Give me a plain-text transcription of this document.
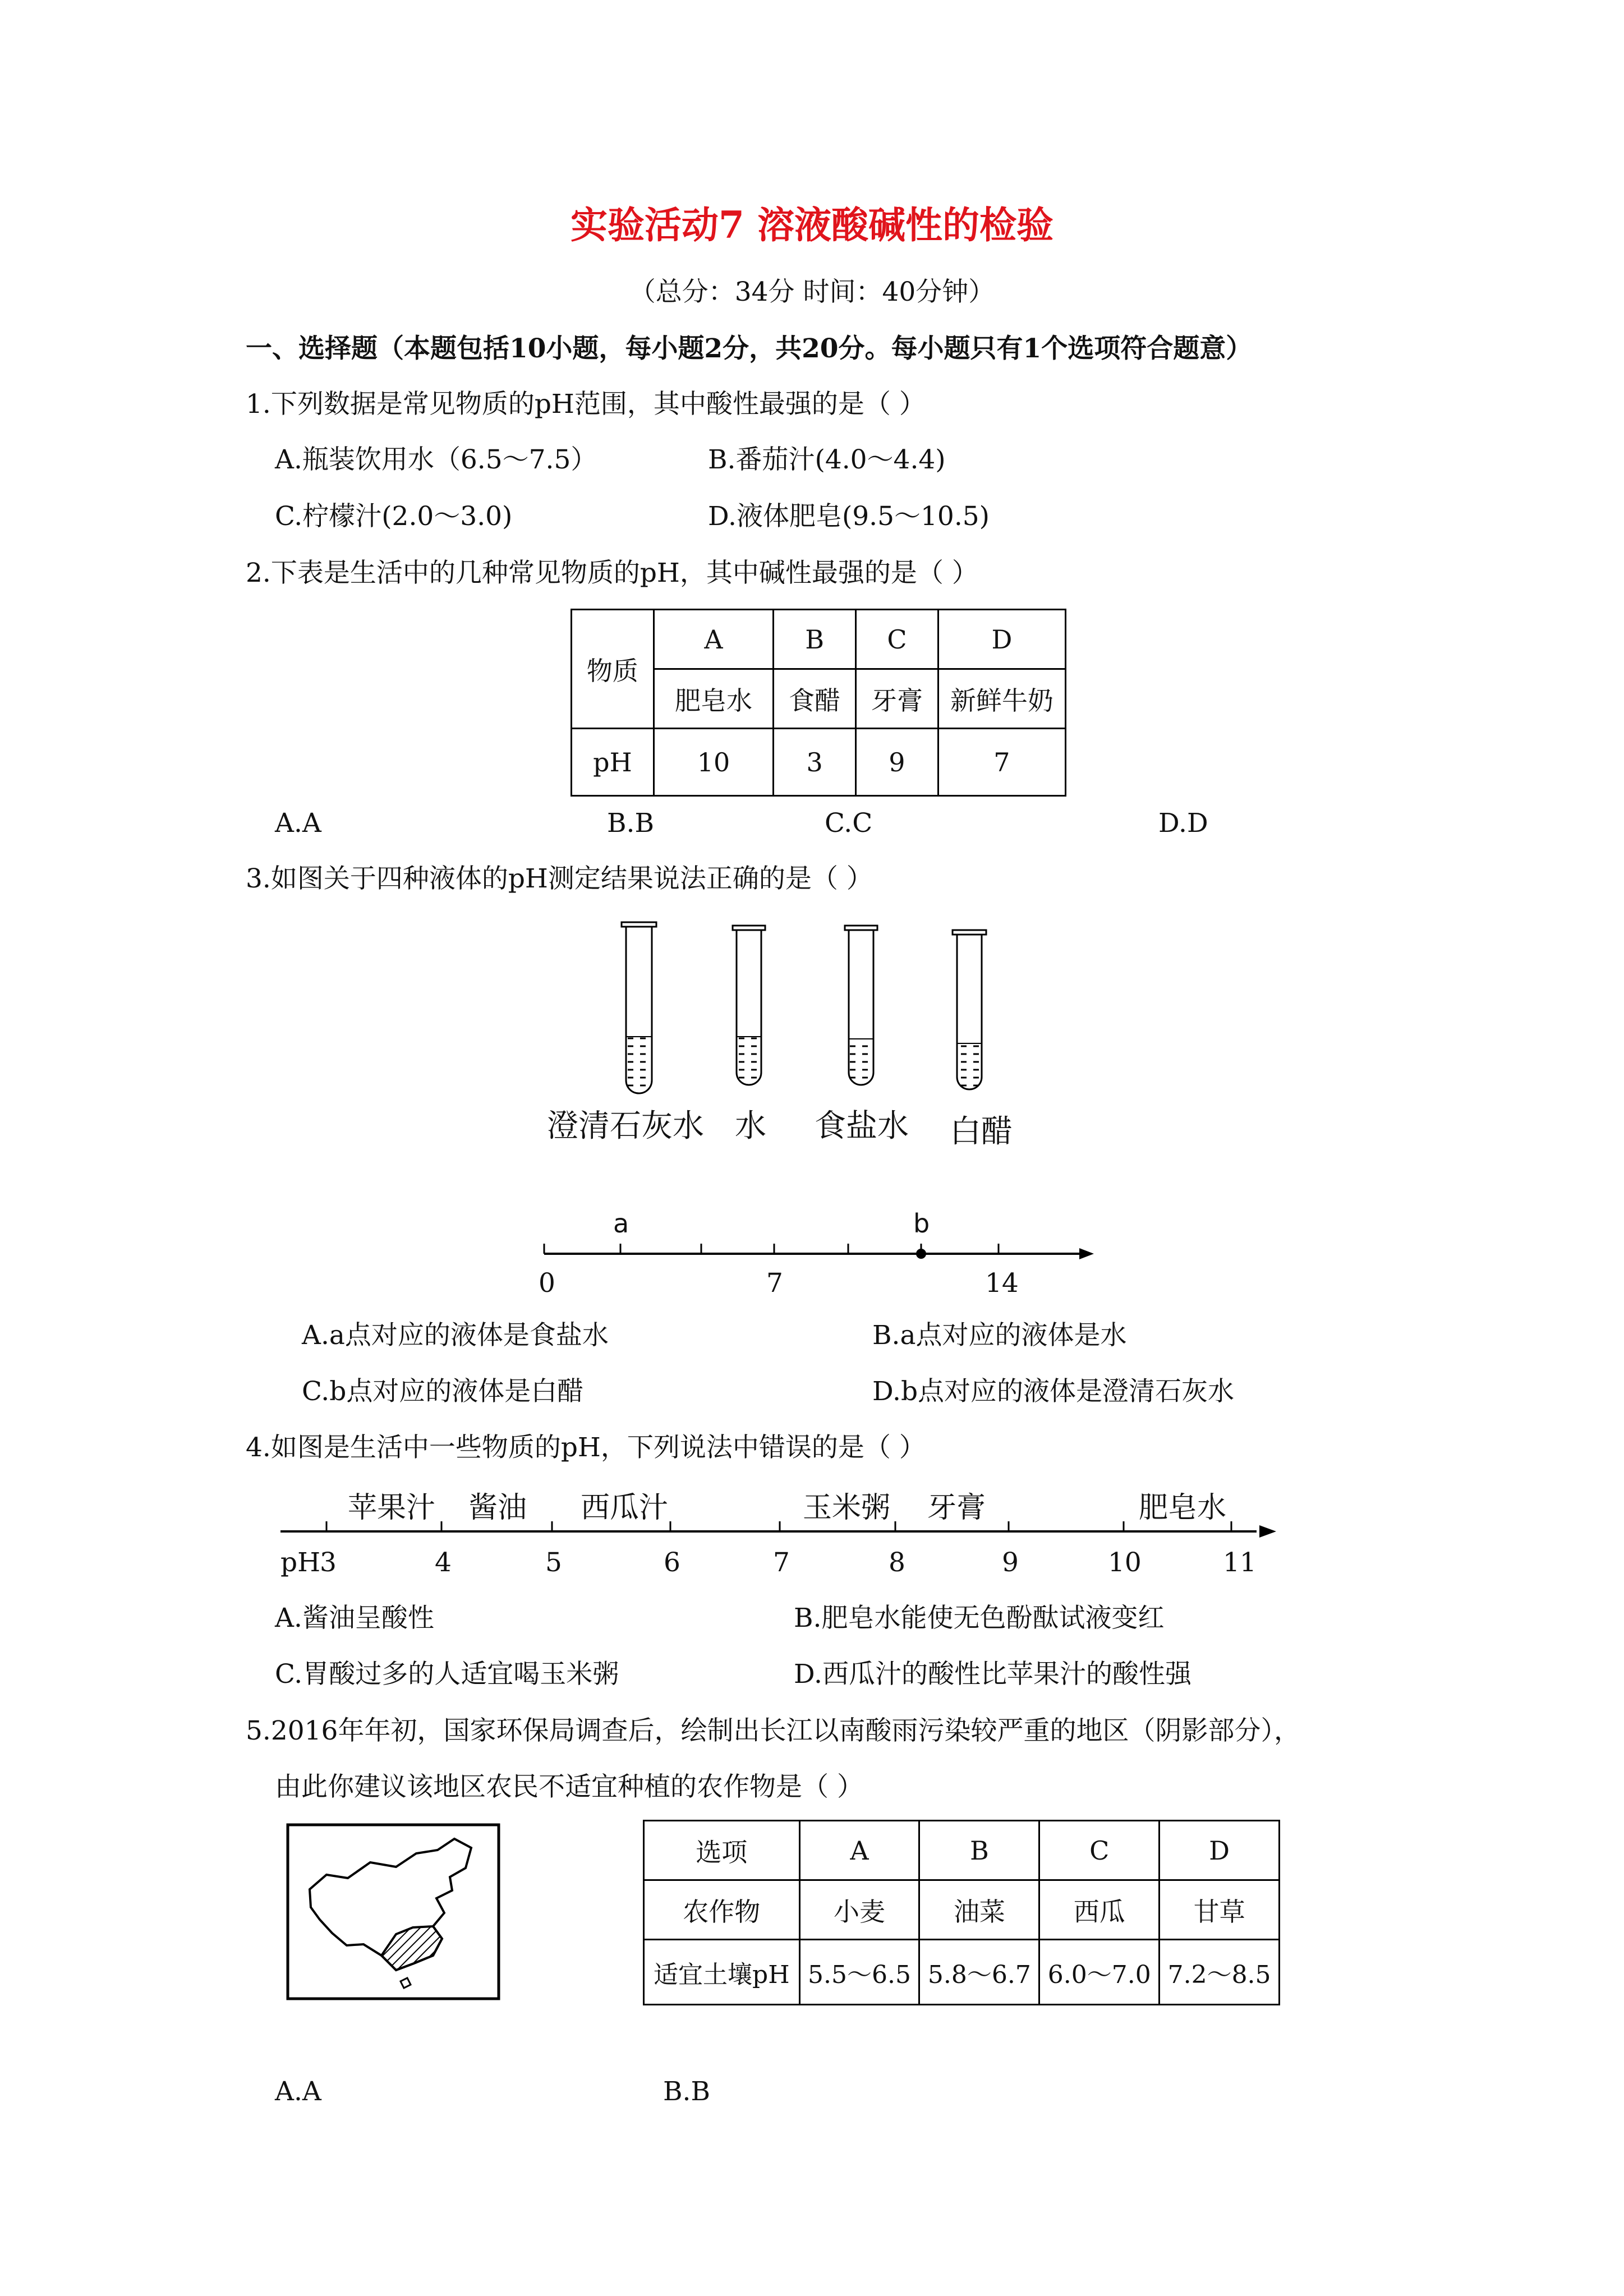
实验活动7 溶液酸碱性的检验
（总分：34分 时间：40分钟）
一、选择题（本题包括10小题，每小题2分，共20分。每小题只有1个选项符合题意）
1.下列数据是常见物质的pH范围，其中酸性最强的是（ ）
A.瓶装饮用水（6.5～7.5）	B.番茄汁(4.0～4.4)
C.柠檬汁(2.0～3.0)	D.液体肥皂(9.5～10.5)
2.下表是生活中的几种常见物质的pH，其中碱性最强的是（ ）
物质	A	B	C	D
	肥皂水	食醋	牙膏	新鲜牛奶
pH	10	3	9	7
A.A	B.B	C.C	D.D
3.如图关于四种液体的pH测定结果说法正确的是（ ）
澄清石灰水 水 食盐水 白醋
a	b
0	7	14
A.a点对应的液体是食盐水	B.a点对应的液体是水
C.b点对应的液体是白醋	D.b点对应的液体是澄清石灰水
4.如图是生活中一些物质的pH，下列说法中错误的是（ ）
苹果汁 酱油 西瓜汁	玉米粥 牙膏	肥皂水
pH
3	4	5	6	7	8	9	10	11
A.酱油呈酸性	B.肥皂水能使无色酚酞试液变红
C.胃酸过多的人适宜喝玉米粥	D.西瓜汁的酸性比苹果汁的酸性强
5.2016年年初，国家环保局调查后，绘制出长江以南酸雨污染较严重的地区（阴影部分），
由此你建议该地区农民不适宜种植的农作物是（ ）
选项	A	B	C	D
农作物	小麦	油菜	西瓜	甘草
适宜土壤pH	5.5～6.5	5.8～6.7	6.0～7.0	7.2～8.5
A.A	B.B
